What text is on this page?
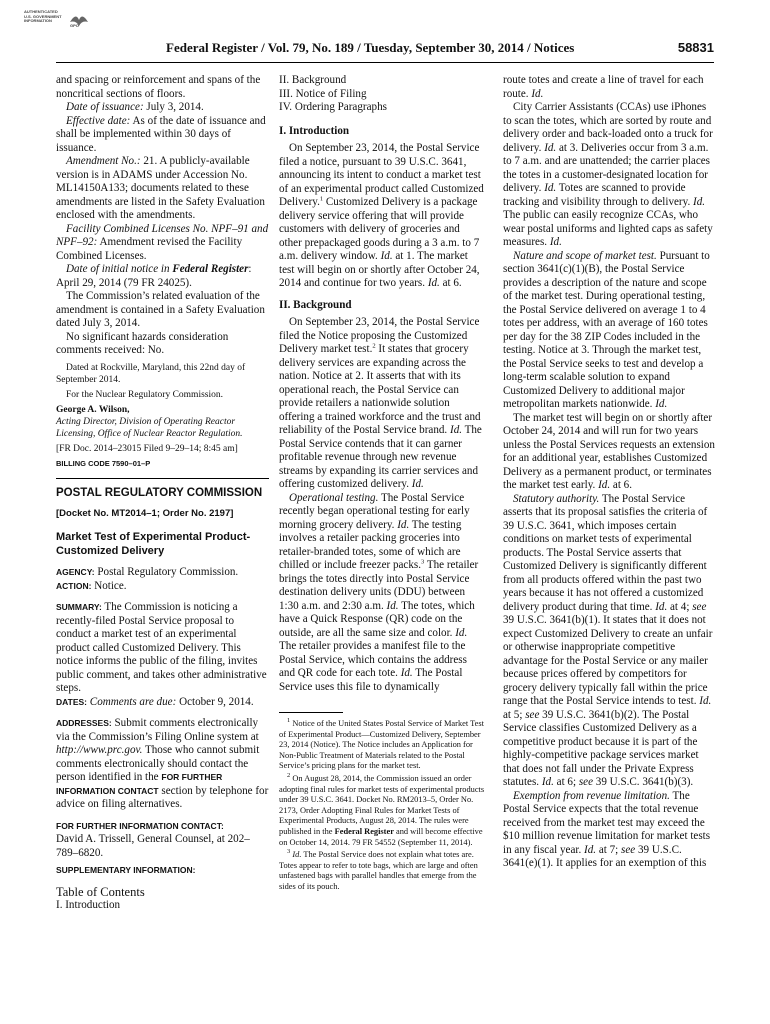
AUTHENTICATED
U.S. GOVERNMENT
INFORMATION
GPO
Federal Register / Vol. 79, No. 189 / Tuesday, September 30, 2014 / Notices	58831

and spacing or reinforcement and spans of the noncritical sections of floors.

Date of issuance: July 3, 2014.

Effective date: As of the date of issuance and shall be implemented within 30 days of issuance.

Amendment No.: 21. A publicly-available version is in ADAMS under Accession No. ML14150A133; documents related to these amendments are listed in the Safety Evaluation enclosed with the amendments.

Facility Combined Licenses No. NPF–91 and NPF–92: Amendment revised the Facility Combined Licenses.

Date of initial notice in Federal Register: April 29, 2014 (79 FR 24025).

The Commission’s related evaluation of the amendment is contained in a Safety Evaluation dated July 3, 2014.

No significant hazards consideration comments received: No.

Dated at Rockville, Maryland, this 22nd day of September 2014.

For the Nuclear Regulatory Commission.

George A. Wilson,

Acting Director, Division of Operating Reactor Licensing, Office of Nuclear Reactor Regulation.

[FR Doc. 2014–23015 Filed 9–29–14; 8:45 am]

BILLING CODE 7590–01–P

POSTAL REGULATORY COMMISSION

[Docket No. MT2014–1; Order No. 2197]

Market Test of Experimental Product-Customized Delivery

AGENCY: Postal Regulatory Commission.

ACTION: Notice.

SUMMARY: The Commission is noticing a recently-filed Postal Service proposal to conduct a market test of an experimental product called Customized Delivery. This notice informs the public of the filing, invites public comment, and takes other administrative steps.

DATES: Comments are due: October 9, 2014.

ADDRESSES: Submit comments electronically via the Commission’s Filing Online system at http://www.prc.gov. Those who cannot submit comments electronically should contact the person identified in the FOR FURTHER INFORMATION CONTACT section by telephone for advice on filing alternatives.

FOR FURTHER INFORMATION CONTACT:

David A. Trissell, General Counsel, at 202–789–6820.

SUPPLEMENTARY INFORMATION:

Table of Contents

I. Introduction

II. Background

III. Notice of Filing

IV. Ordering Paragraphs

I. Introduction

On September 23, 2014, the Postal Service filed a notice, pursuant to 39 U.S.C. 3641, announcing its intent to conduct a market test of an experimental product called Customized Delivery.$^1$ Customized Delivery is a package delivery service offering that will provide customers with delivery of groceries and other prepackaged goods during a 3 a.m. to 7 a.m. delivery window. Id. at 1. The market test will begin on or shortly after October 24, 2014 and continue for two years. Id. at 6.

II. Background

On September 23, 2014, the Postal Service filed the Notice proposing the Customized Delivery market test.$^2$ It states that grocery delivery services are expanding across the nation. Notice at 2. It asserts that with its operational reach, the Postal Service can provide retailers a nationwide solution offering a trained workforce and the trust and reliability of the Postal Service brand. Id. The Postal Service contends that it can garner profitable revenue through new revenue streams by expanding its carrier services and offering customized delivery. Id.

Operational testing. The Postal Service recently began operational testing for early morning grocery delivery. Id. The testing involves a retailer packing groceries into retailer-branded totes, some of which are chilled or include freezer packs.$^3$ The retailer brings the totes directly into Postal Service destination delivery units (DDU) between 1:30 a.m. and 2:30 a.m. Id. The totes, which have a Quick Response (QR) code on the outside, are all the same size and color. Id. The retailer provides a manifest file to the Postal Service, which contains the address and QR code for each tote. Id. The Postal Service uses this file to dynamically

$^1$ Notice of the United States Postal Service of Market Test of Experimental Product—Customized Delivery, September 23, 2014 (Notice). The Notice includes an Application for Non-Public Treatment of Materials related to the Postal Service’s pricing plans for the market test.

$^2$ On August 28, 2014, the Commission issued an order adopting final rules for market tests of experimental products under 39 U.S.C. 3641. Docket No. RM2013–5, Order No. 2173, Order Adopting Final Rules for Market Tests of Experimental Products, August 28, 2014. The rules were published in the Federal Register and will become effective on October 14, 2014. 79 FR 54552 (September 11, 2014).

$^3$ Id. The Postal Service does not explain what totes are. Totes appear to refer to tote bags, which are large and often unfastened bags with parallel handles that emerge from the sides of its pouch.

route totes and create a line of travel for each route. Id.

City Carrier Assistants (CCAs) use iPhones to scan the totes, which are sorted by route and delivery order and back-loaded onto a truck for delivery. Id. at 3. Deliveries occur from 3 a.m. to 7 a.m. and are unattended; the carrier places the totes in a customer-designated location for delivery. Id. Totes are scanned to provide tracking and visibility through to delivery. Id. The public can easily recognize CCAs, who wear postal uniforms and lighted caps as safety measures. Id.

Nature and scope of market test. Pursuant to section 3641(c)(1)(B), the Postal Service provides a description of the nature and scope of the market test. During operational testing, the Postal Service delivered on average 1 to 4 totes per address, with an average of 160 totes per day for the 38 ZIP Codes included in the testing. Notice at 3. Through the market test, the Postal Service seeks to test and develop a long-term scalable solution to expand Customized Delivery to additional major metropolitan markets nationwide. Id.

The market test will begin on or shortly after October 24, 2014 and will run for two years unless the Postal Services requests an extension for an additional year, establishes Customized Delivery as a permanent product, or terminates the market test early. Id. at 6.

Statutory authority. The Postal Service asserts that its proposal satisfies the criteria of 39 U.S.C. 3641, which imposes certain conditions on market tests of experimental products. The Postal Service asserts that Customized Delivery is significantly different from all products offered within the past two years because it has not offered a customized delivery product during that time. Id. at 4; see 39 U.S.C. 3641(b)(1). It states that it does not expect Customized Delivery to create an unfair or otherwise inappropriate competitive advantage for the Postal Service or any mailer because prices offered by competitors for grocery delivery typically fall within the price range that the Postal Service intends to test. Id. at 5; see 39 U.S.C. 3641(b)(2). The Postal Service classifies Customized Delivery as a competitive product because it is part of the highly-competitive package services market that does not fall under the Private Express statutes. Id. at 6; see 39 U.S.C. 3641(b)(3).

Exemption from revenue limitation. The Postal Service expects that the total revenue received from the market test may exceed the $10 million revenue limitation for market tests in any fiscal year. Id. at 7; see 39 U.S.C. 3641(e)(1). It applies for an exemption of this
